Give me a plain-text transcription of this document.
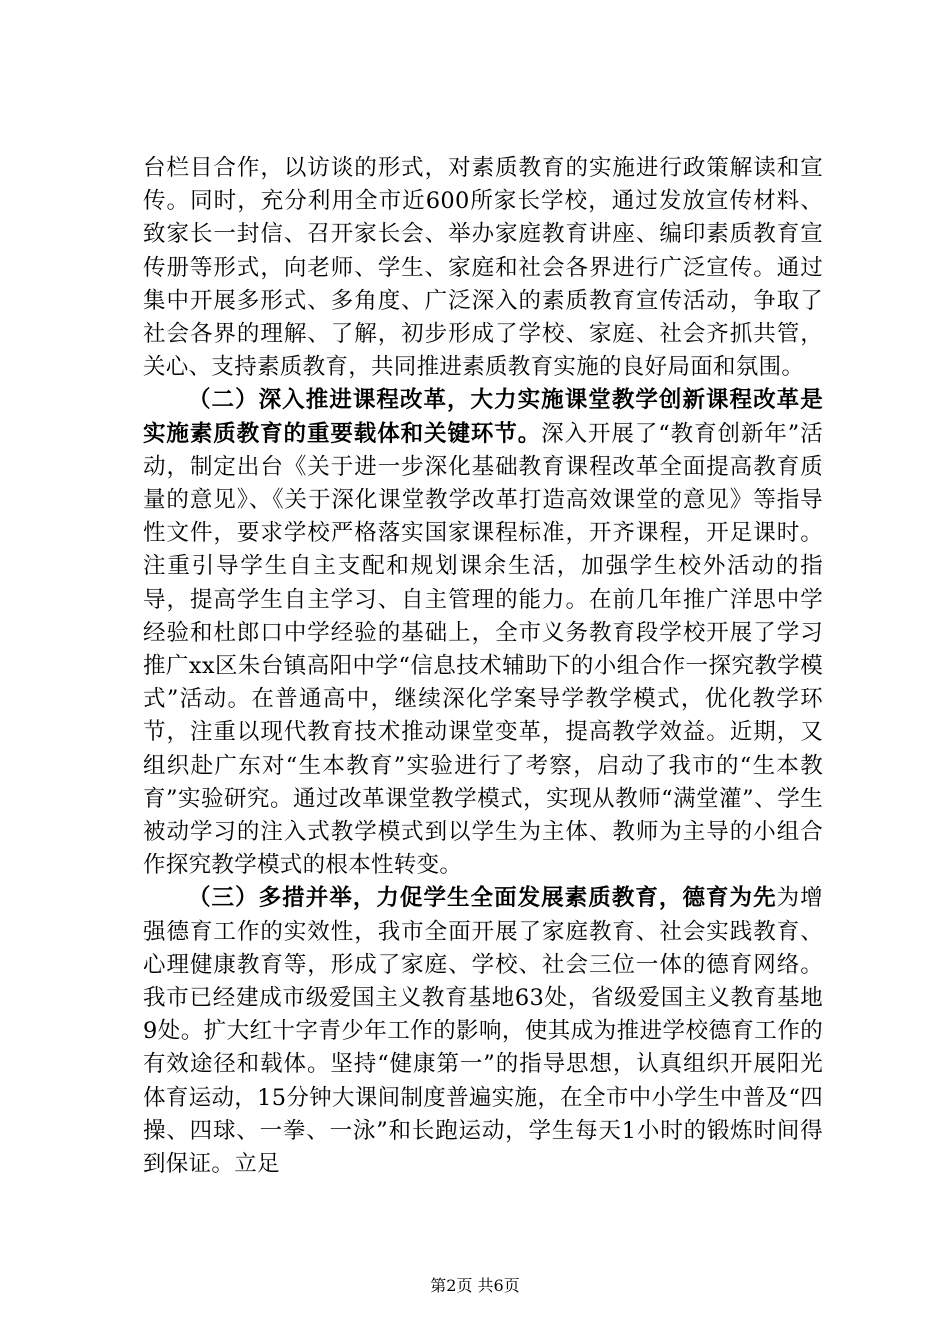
台栏目合作，以访谈的形式，对素质教育的实施进行政策解读和宣传。同时，充分利用全市近600所家长学校，通过发放宣传材料、致家长一封信、召开家长会、举办家庭教育讲座、编印素质教育宣传册等形式，向老师、学生、家庭和社会各界进行广泛宣传。通过集中开展多形式、多角度、广泛深入的素质教育宣传活动，争取了社会各界的理解、了解，初步形成了学校、家庭、社会齐抓共管，关心、支持素质教育，共同推进素质教育实施的良好局面和氛围。

（二）深入推进课程改革，大力实施课堂教学创新课程改革是实施素质教育的重要载体和关键环节。深入开展了“教育创新年”活动，制定出台《关于进一步深化基础教育课程改革全面提高教育质量的意见》、《关于深化课堂教学改革打造高效课堂的意见》等指导性文件，要求学校严格落实国家课程标准，开齐课程，开足课时。注重引导学生自主支配和规划课余生活，加强学生校外活动的指导，提高学生自主学习、自主管理的能力。在前几年推广洋思中学经验和杜郎口中学经验的基础上，全市义务教育段学校开展了学习推广xx区朱台镇高阳中学“信息技术辅助下的小组合作一探究教学模式”活动。在普通高中，继续深化学案导学教学模式，优化教学环节，注重以现代教育技术推动课堂变革，提高教学效益。近期，又组织赴广东对“生本教育”实验进行了考察，启动了我市的“生本教育”实验研究。通过改革课堂教学模式，实现从教师“满堂灌”、学生被动学习的注入式教学模式到以学生为主体、教师为主导的小组合作探究教学模式的根本性转变。

（三）多措并举，力促学生全面发展素质教育，德育为先为增强德育工作的实效性，我市全面开展了家庭教育、社会实践教育、心理健康教育等，形成了家庭、学校、社会三位一体的德育网络。我市已经建成市级爱国主义教育基地63处，省级爱国主义教育基地9处。扩大红十字青少年工作的影响，使其成为推进学校德育工作的有效途径和载体。坚持“健康第一”的指导思想，认真组织开展阳光体育运动，15分钟大课间制度普遍实施，在全市中小学生中普及“四操、四球、一拳、一泳”和长跑运动，学生每天1小时的锻炼时间得到保证。立足

第2页 共6页
